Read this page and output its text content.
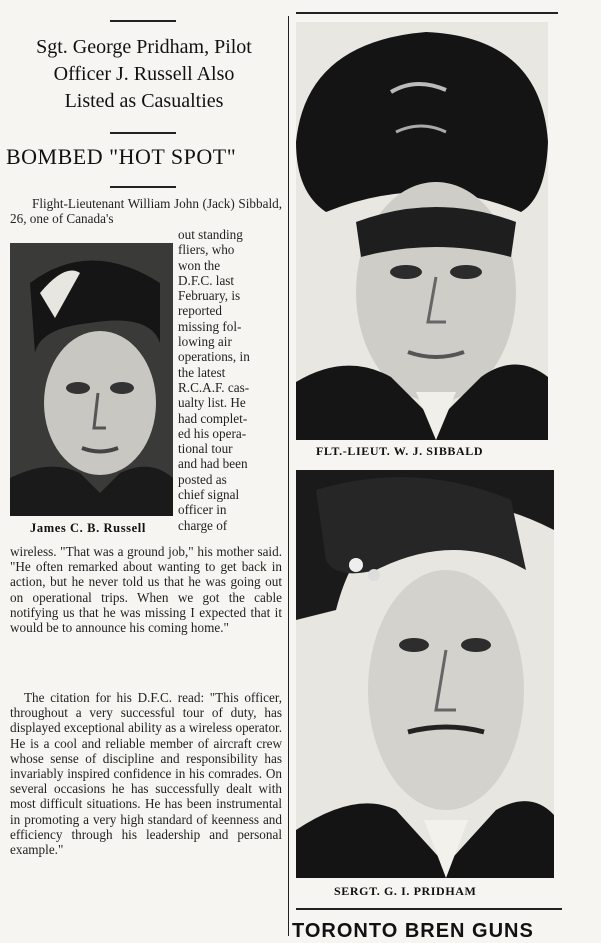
Sgt. George Pridham, Pilot
Officer J. Russell Also
Listed as Casualties
BOMBED "HOT SPOT"
Flight-Lieutenant William John (Jack) Sibbald, 26, one of Canada's
James C. B. Russell
out standing
fliers, who
won the
D.F.C. last
February, is
reported
missing fol-
lowing air
operations, in
the latest
R.C.A.F. cas-
ualty list. He
had complet-
ed his opera-
tional tour
and had been
posted as
chief signal
officer in
charge of
wireless. "That was a ground job," his mother said. "He often remarked about wanting to get back in action, but he never told us that he was going out on operational trips. When we got the cable notifying us that he was missing I expected that it would be to announce his coming home."
The citation for his D.F.C. read: "This officer, throughout a very successful tour of duty, has displayed exceptional ability as a wireless operator. He is a cool and reliable member of aircraft crew whose sense of discipline and responsibility has invariably inspired confidence in his comrades. On several occasions he has successfully dealt with most difficult situations. He has been instrumental in promoting a very high standard of keenness and efficiency through his leadership and personal example."
FLT.-LIEUT. W. J. SIBBALD
SERGT. G. I. PRIDHAM
TORONTO BREN GUNS
